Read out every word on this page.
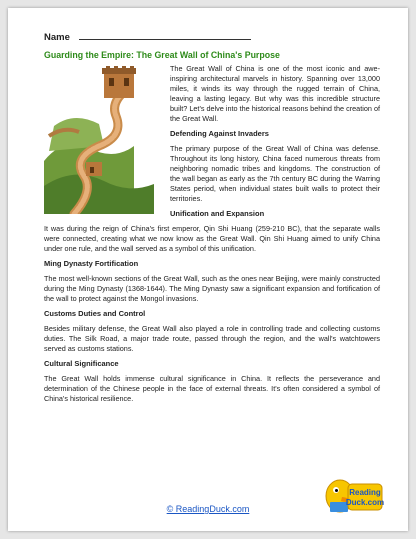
Name
Guarding the Empire: The Great Wall of China's Purpose

The Great Wall of China is one of the most iconic and awe-inspiring architectural marvels in history. Spanning over 13,000 miles, it winds its way through the rugged terrain of China, leaving a lasting legacy. But why was this incredible structure built? Let's delve into the historical reasons behind the creation of the Great Wall.

Defending Against Invaders

The primary purpose of the Great Wall of China was defense. Throughout its long history, China faced numerous threats from neighboring nomadic tribes and kingdoms. The construction of the wall began as early as the 7th century BC during the Warring States period, when individual states built walls to protect their territories.

Unification and Expansion

It was during the reign of China's first emperor, Qin Shi Huang (259-210 BC), that the separate walls were connected, creating what we now know as the Great Wall. Qin Shi Huang aimed to unify China under one rule, and the wall served as a symbol of this unification.

Ming Dynasty Fortification

The most well-known sections of the Great Wall, such as the ones near Beijing, were mainly constructed during the Ming Dynasty (1368-1644). The Ming Dynasty saw a significant expansion and fortification of the wall to protect against the Mongol invasions.

Customs Duties and Control

Besides military defense, the Great Wall also played a role in controlling trade and collecting customs duties. The Silk Road, a major trade route, passed through the region, and the wall's watchtowers served as customs stations.

Cultural Significance

The Great Wall holds immense cultural significance in China. It reflects the perseverance and determination of the Chinese people in the face of external threats. It's often considered a symbol of China's historical resilience.

© ReadingDuck.com
Reading
Duck.com
